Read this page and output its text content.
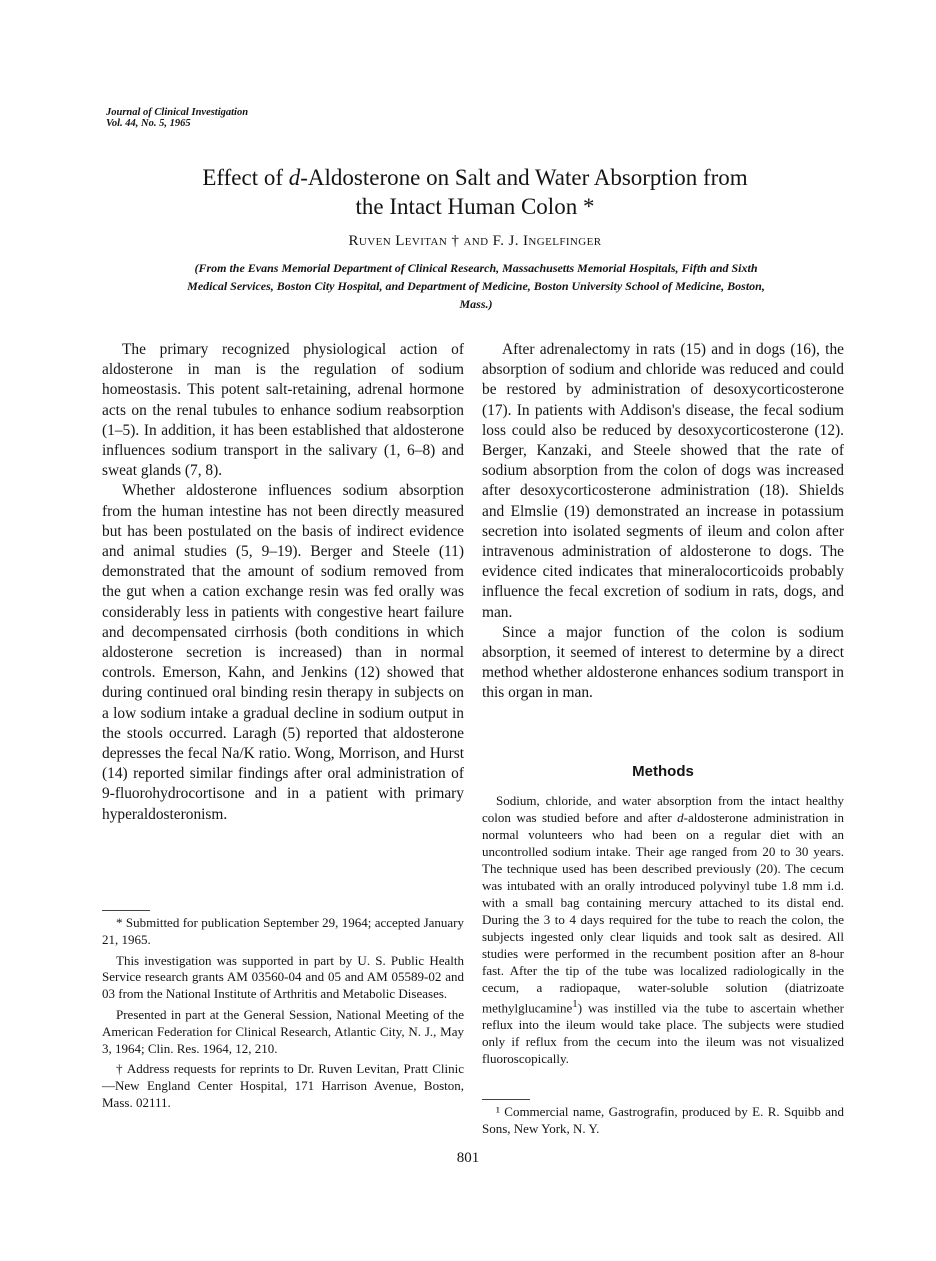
Journal of Clinical Investigation
Vol. 44, No. 5, 1965
Effect of d-Aldosterone on Salt and Water Absorption from
the Intact Human Colon *
Ruven Levitan † and F. J. Ingelfinger
(From the Evans Memorial Department of Clinical Research, Massachusetts Memorial Hospitals, Fifth and Sixth Medical Services, Boston City Hospital, and Department of Medicine, Boston University School of Medicine, Boston, Mass.)

The primary recognized physiological action of aldosterone in man is the regulation of sodium homeostasis. This potent salt-retaining, adrenal hormone acts on the renal tubules to enhance sodium reabsorption (1–5). In addition, it has been established that aldosterone influences sodium transport in the salivary (1, 6–8) and sweat glands (7, 8).

Whether aldosterone influences sodium absorption from the human intestine has not been directly measured but has been postulated on the basis of indirect evidence and animal studies (5, 9–19). Berger and Steele (11) demonstrated that the amount of sodium removed from the gut when a cation exchange resin was fed orally was considerably less in patients with congestive heart failure and decompensated cirrhosis (both conditions in which aldosterone secretion is increased) than in normal controls. Emerson, Kahn, and Jenkins (12) showed that during continued oral binding resin therapy in subjects on a low sodium intake a gradual decline in sodium output in the stools occurred. Laragh (5) reported that aldosterone depresses the fecal Na/K ratio. Wong, Morrison, and Hurst (14) reported similar findings after oral administration of 9-fluorohydrocortisone and in a patient with primary hyperaldosteronism.

* Submitted for publication September 29, 1964; accepted January 21, 1965.

This investigation was supported in part by U. S. Public Health Service research grants AM 03560-04 and 05 and AM 05589-02 and 03 from the National Institute of Arthritis and Metabolic Diseases.

Presented in part at the General Session, National Meeting of the American Federation for Clinical Research, Atlantic City, N. J., May 3, 1964; Clin. Res. 1964, 12, 210.

† Address requests for reprints to Dr. Ruven Levitan, Pratt Clinic—New England Center Hospital, 171 Harrison Avenue, Boston, Mass. 02111.

After adrenalectomy in rats (15) and in dogs (16), the absorption of sodium and chloride was reduced and could be restored by administration of desoxycorticosterone (17). In patients with Addison's disease, the fecal sodium loss could also be reduced by desoxycorticosterone (12). Berger, Kanzaki, and Steele showed that the rate of sodium absorption from the colon of dogs was increased after desoxycorticosterone administration (18). Shields and Elmslie (19) demonstrated an increase in potassium secretion into isolated segments of ileum and colon after intravenous administration of aldosterone to dogs. The evidence cited indicates that mineralocorticoids probably influence the fecal excretion of sodium in rats, dogs, and man.

Since a major function of the colon is sodium absorption, it seemed of interest to determine by a direct method whether aldosterone enhances sodium transport in this organ in man.

Methods

Sodium, chloride, and water absorption from the intact healthy colon was studied before and after d-aldosterone administration in normal volunteers who had been on a regular diet with an uncontrolled sodium intake. Their age ranged from 20 to 30 years. The technique used has been described previously (20). The cecum was intubated with an orally introduced polyvinyl tube 1.8 mm i.d. with a small bag containing mercury attached to its distal end. During the 3 to 4 days required for the tube to reach the colon, the subjects ingested only clear liquids and took salt as desired. All studies were performed in the recumbent position after an 8-hour fast. After the tip of the tube was localized radiologically in the cecum, a radiopaque, water-soluble solution (diatrizoate methylglucamine$^1$) was instilled via the tube to ascertain whether reflux into the ileum would take place. The subjects were studied only if reflux from the cecum into the ileum was not visualized fluoroscopically.

¹ Commercial name, Gastrografin, produced by E. R. Squibb and Sons, New York, N. Y.

801
